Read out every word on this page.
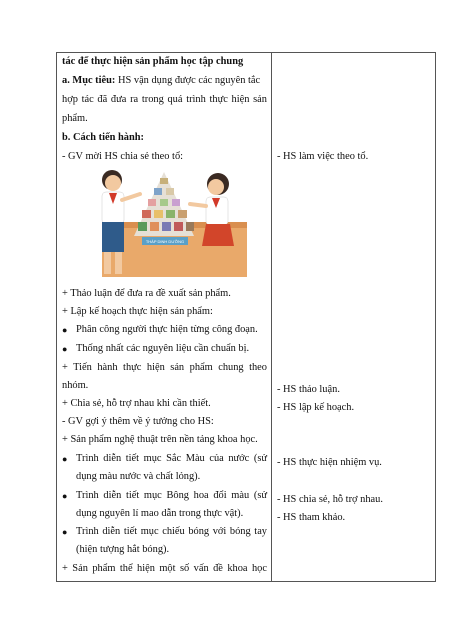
tác để thực hiện sản phẩm học tập chung
a. Mục tiêu: HS vận dụng được các nguyên tắc
hợp tác đã đưa ra trong quá trình thực hiện sản
phẩm.
b. Cách tiến hành:
- GV mời HS chia sẻ theo tổ:
THÁP DINH DƯỠNG
+ Thảo luận để đưa ra đề xuất sản phẩm.
+ Lập kế hoạch thực hiện sản phẩm:
● Phân công người thực hiện từng công đoạn.
● Thống nhất các nguyên liệu cần chuẩn bị.
+ Tiến hành thực hiện sản phẩm chung theo
nhóm.
+ Chia sẻ, hỗ trợ nhau khi cần thiết.
- GV gợi ý thêm về ý tưởng cho HS:
+ Sản phẩm nghệ thuật trên nền tảng khoa học.
● Trình diễn tiết mục Sắc Màu của nước (sử
dụng màu nước và chất lỏng).
● Trình diễn tiết mục Bông hoa đổi màu (sử
dụng nguyên lí mao dẫn trong thực vật).
● Trình diễn tiết mục chiếu bóng với bóng tay
(hiện tượng hắt bóng).
+ Sản phẩm thể hiện một số vấn đề khoa học
- HS làm việc theo tổ.
- HS thảo luận.
- HS lập kế hoạch.
- HS thực hiện nhiệm vụ.
- HS chia sẻ, hỗ trợ nhau.
- HS tham khảo.
